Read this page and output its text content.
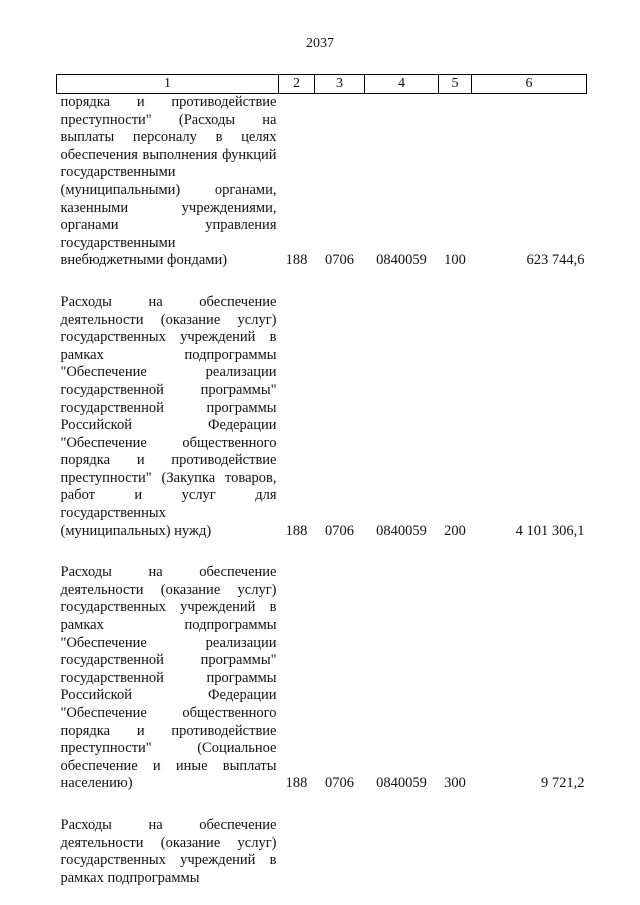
2037
1	2	3	4	5	6
порядка и противодействие преступности" (Расходы на выплаты персоналу в целях обеспечения выполнения функций государственными (муниципальными) органами, казенными учреждениями, органами управления государственными внебюджетными фондами)	188	0706	0840059	100	623 744,6

Расходы на обеспечение деятельности (оказание услуг) государственных учреждений в рамках подпрограммы "Обеспечение реализации государственной программы" государственной программы Российской Федерации "Обеспечение общественного порядка и противодействие преступности" (Закупка товаров, работ и услуг для государственных (муниципальных) нужд)	188	0706	0840059	200	4 101 306,1

Расходы на обеспечение деятельности (оказание услуг) государственных учреждений в рамках подпрограммы "Обеспечение реализации государственной программы" государственной программы Российской Федерации "Обеспечение общественного порядка и противодействие преступности" (Социальное обеспечение и иные выплаты населению)	188	0706	0840059	300	9 721,2

Расходы на обеспечение деятельности (оказание услуг) государственных учреждений в рамках подпрограммы					
